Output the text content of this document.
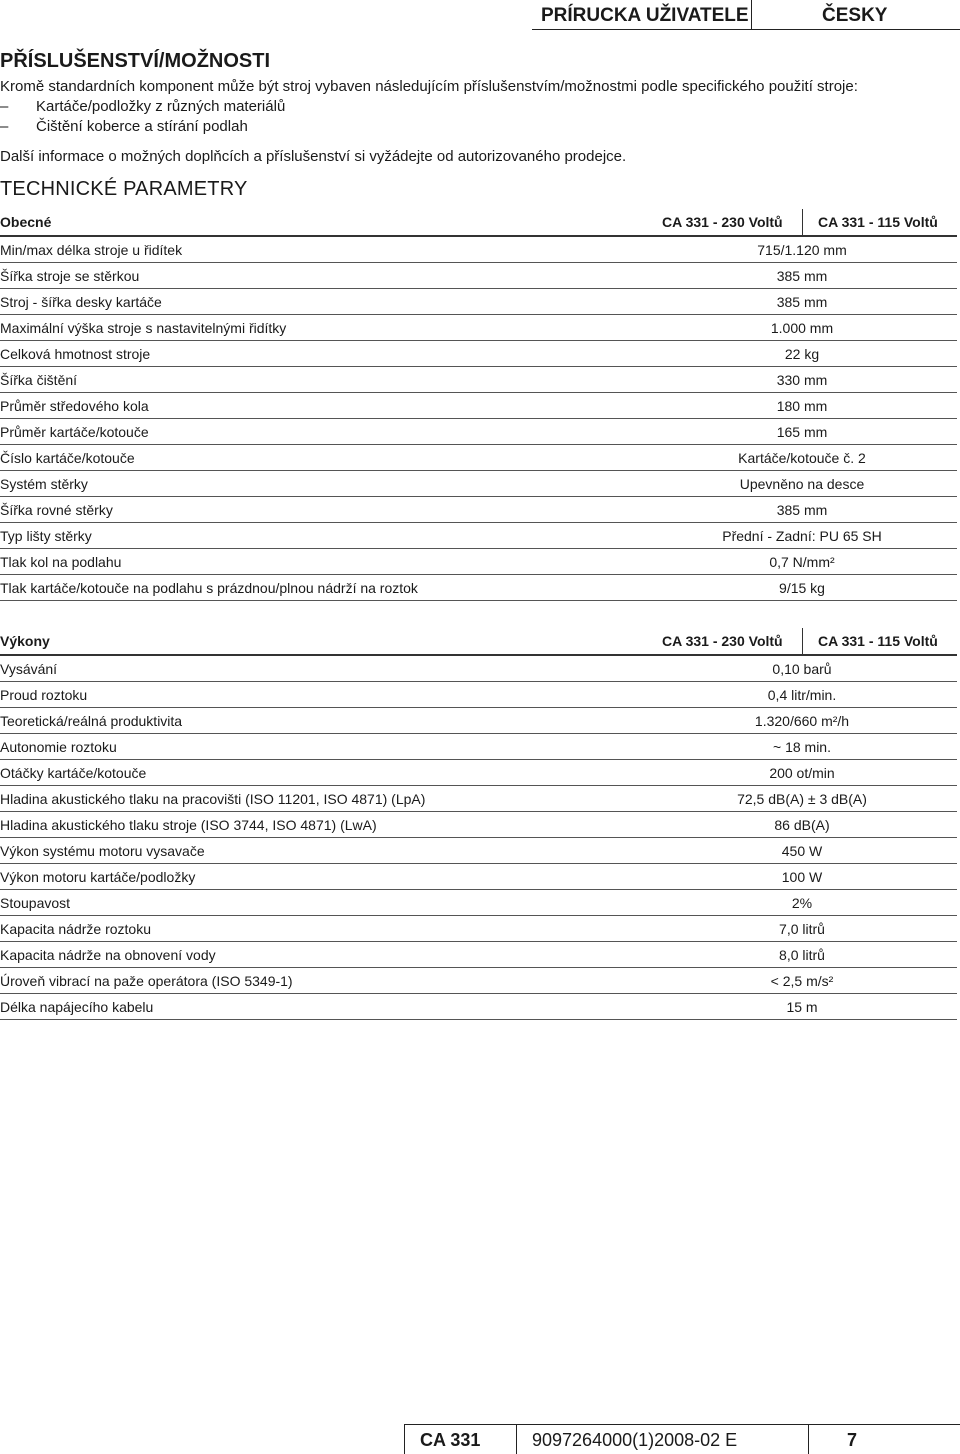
PRÍRUCKA UŽIVATELE	ČESKY
PŘÍSLUŠENSTVÍ/MOŽNOSTI
Kromě standardních komponent může být stroj vybaven následujícím příslušenstvím/možnostmi podle specifického použití stroje:
– Kartáče/podložky z různých materiálů
– Čištění koberce a stírání podlah
Další informace o možných doplňcích a příslušenství si vyžádejte od autorizovaného prodejce.
TECHNICKÉ PARAMETRY
Obecné	CA 331 - 230 Voltů	CA 331 - 115 Voltů
Min/max délka stroje u řidítek	715/1.120 mm
Šířka stroje se stěrkou	385 mm
Stroj - šířka desky kartáče	385 mm
Maximální výška stroje s nastavitelnými řidítky	1.000 mm
Celková hmotnost stroje	22 kg
Šířka čištění	330 mm
Průměr středového kola	180 mm
Průměr kartáče/kotouče	165 mm
Číslo kartáče/kotouče	Kartáče/kotouče č. 2
Systém stěrky	Upevněno na desce
Šířka rovné stěrky	385 mm
Typ lišty stěrky	Přední - Zadní: PU 65 SH
Tlak kol na podlahu	0,7 N/mm²
Tlak kartáče/kotouče na podlahu s prázdnou/plnou nádrží na roztok	9/15 kg
Výkony	CA 331 - 230 Voltů	CA 331 - 115 Voltů
Vysávání	0,10 barů
Proud roztoku	0,4 litr/min.
Teoretická/reálná produktivita	1.320/660 m²/h
Autonomie roztoku	~ 18 min.
Otáčky kartáče/kotouče	200 ot/min
Hladina akustického tlaku na pracovišti (ISO 11201, ISO 4871) (LpA)	72,5 dB(A) ± 3 dB(A)
Hladina akustického tlaku stroje (ISO 3744, ISO 4871) (LwA)	86 dB(A)
Výkon systému motoru vysavače	450 W
Výkon motoru kartáče/podložky	100 W
Stoupavost	2%
Kapacita nádrže roztoku	7,0 litrů
Kapacita nádrže na obnovení vody	8,0 litrů
Úroveň vibrací na paže operátora (ISO 5349-1)	< 2,5 m/s²
Délka napájecího kabelu	15 m
CA 331	9097264000(1)2008-02 E	7
